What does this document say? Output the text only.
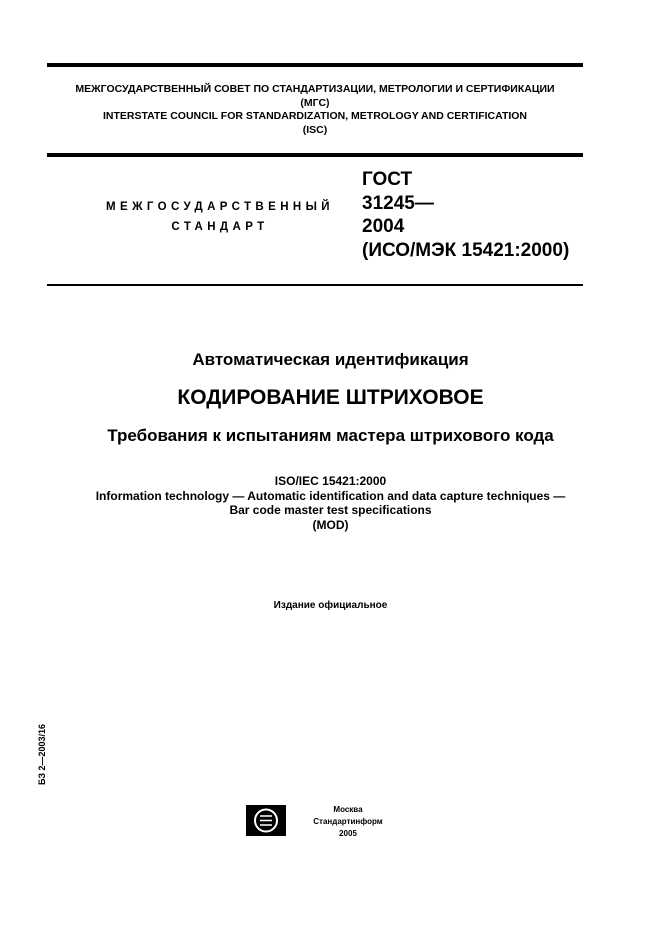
МЕЖГОСУДАРСТВЕННЫЙ СОВЕТ ПО СТАНДАРТИЗАЦИИ, МЕТРОЛОГИИ И СЕРТИФИКАЦИИ
(МГС)
INTERSTATE COUNCIL FOR STANDARDIZATION, METROLOGY AND CERTIFICATION
(ISC)
МЕЖГОСУДАРСТВЕННЫЙ
СТАНДАРТ
ГОСТ
31245—
2004
(ИСО/МЭК 15421:2000)
Автоматическая идентификация
КОДИРОВАНИЕ ШТРИХОВОЕ
Требования к испытаниям мастера штрихового кода
ISO/IEC 15421:2000
Information technology — Automatic identification and data capture techniques —
Bar code master test specifications
(MOD)
Издание официальное
БЗ 2—2003/16
Москва
Стандартинформ
2005
